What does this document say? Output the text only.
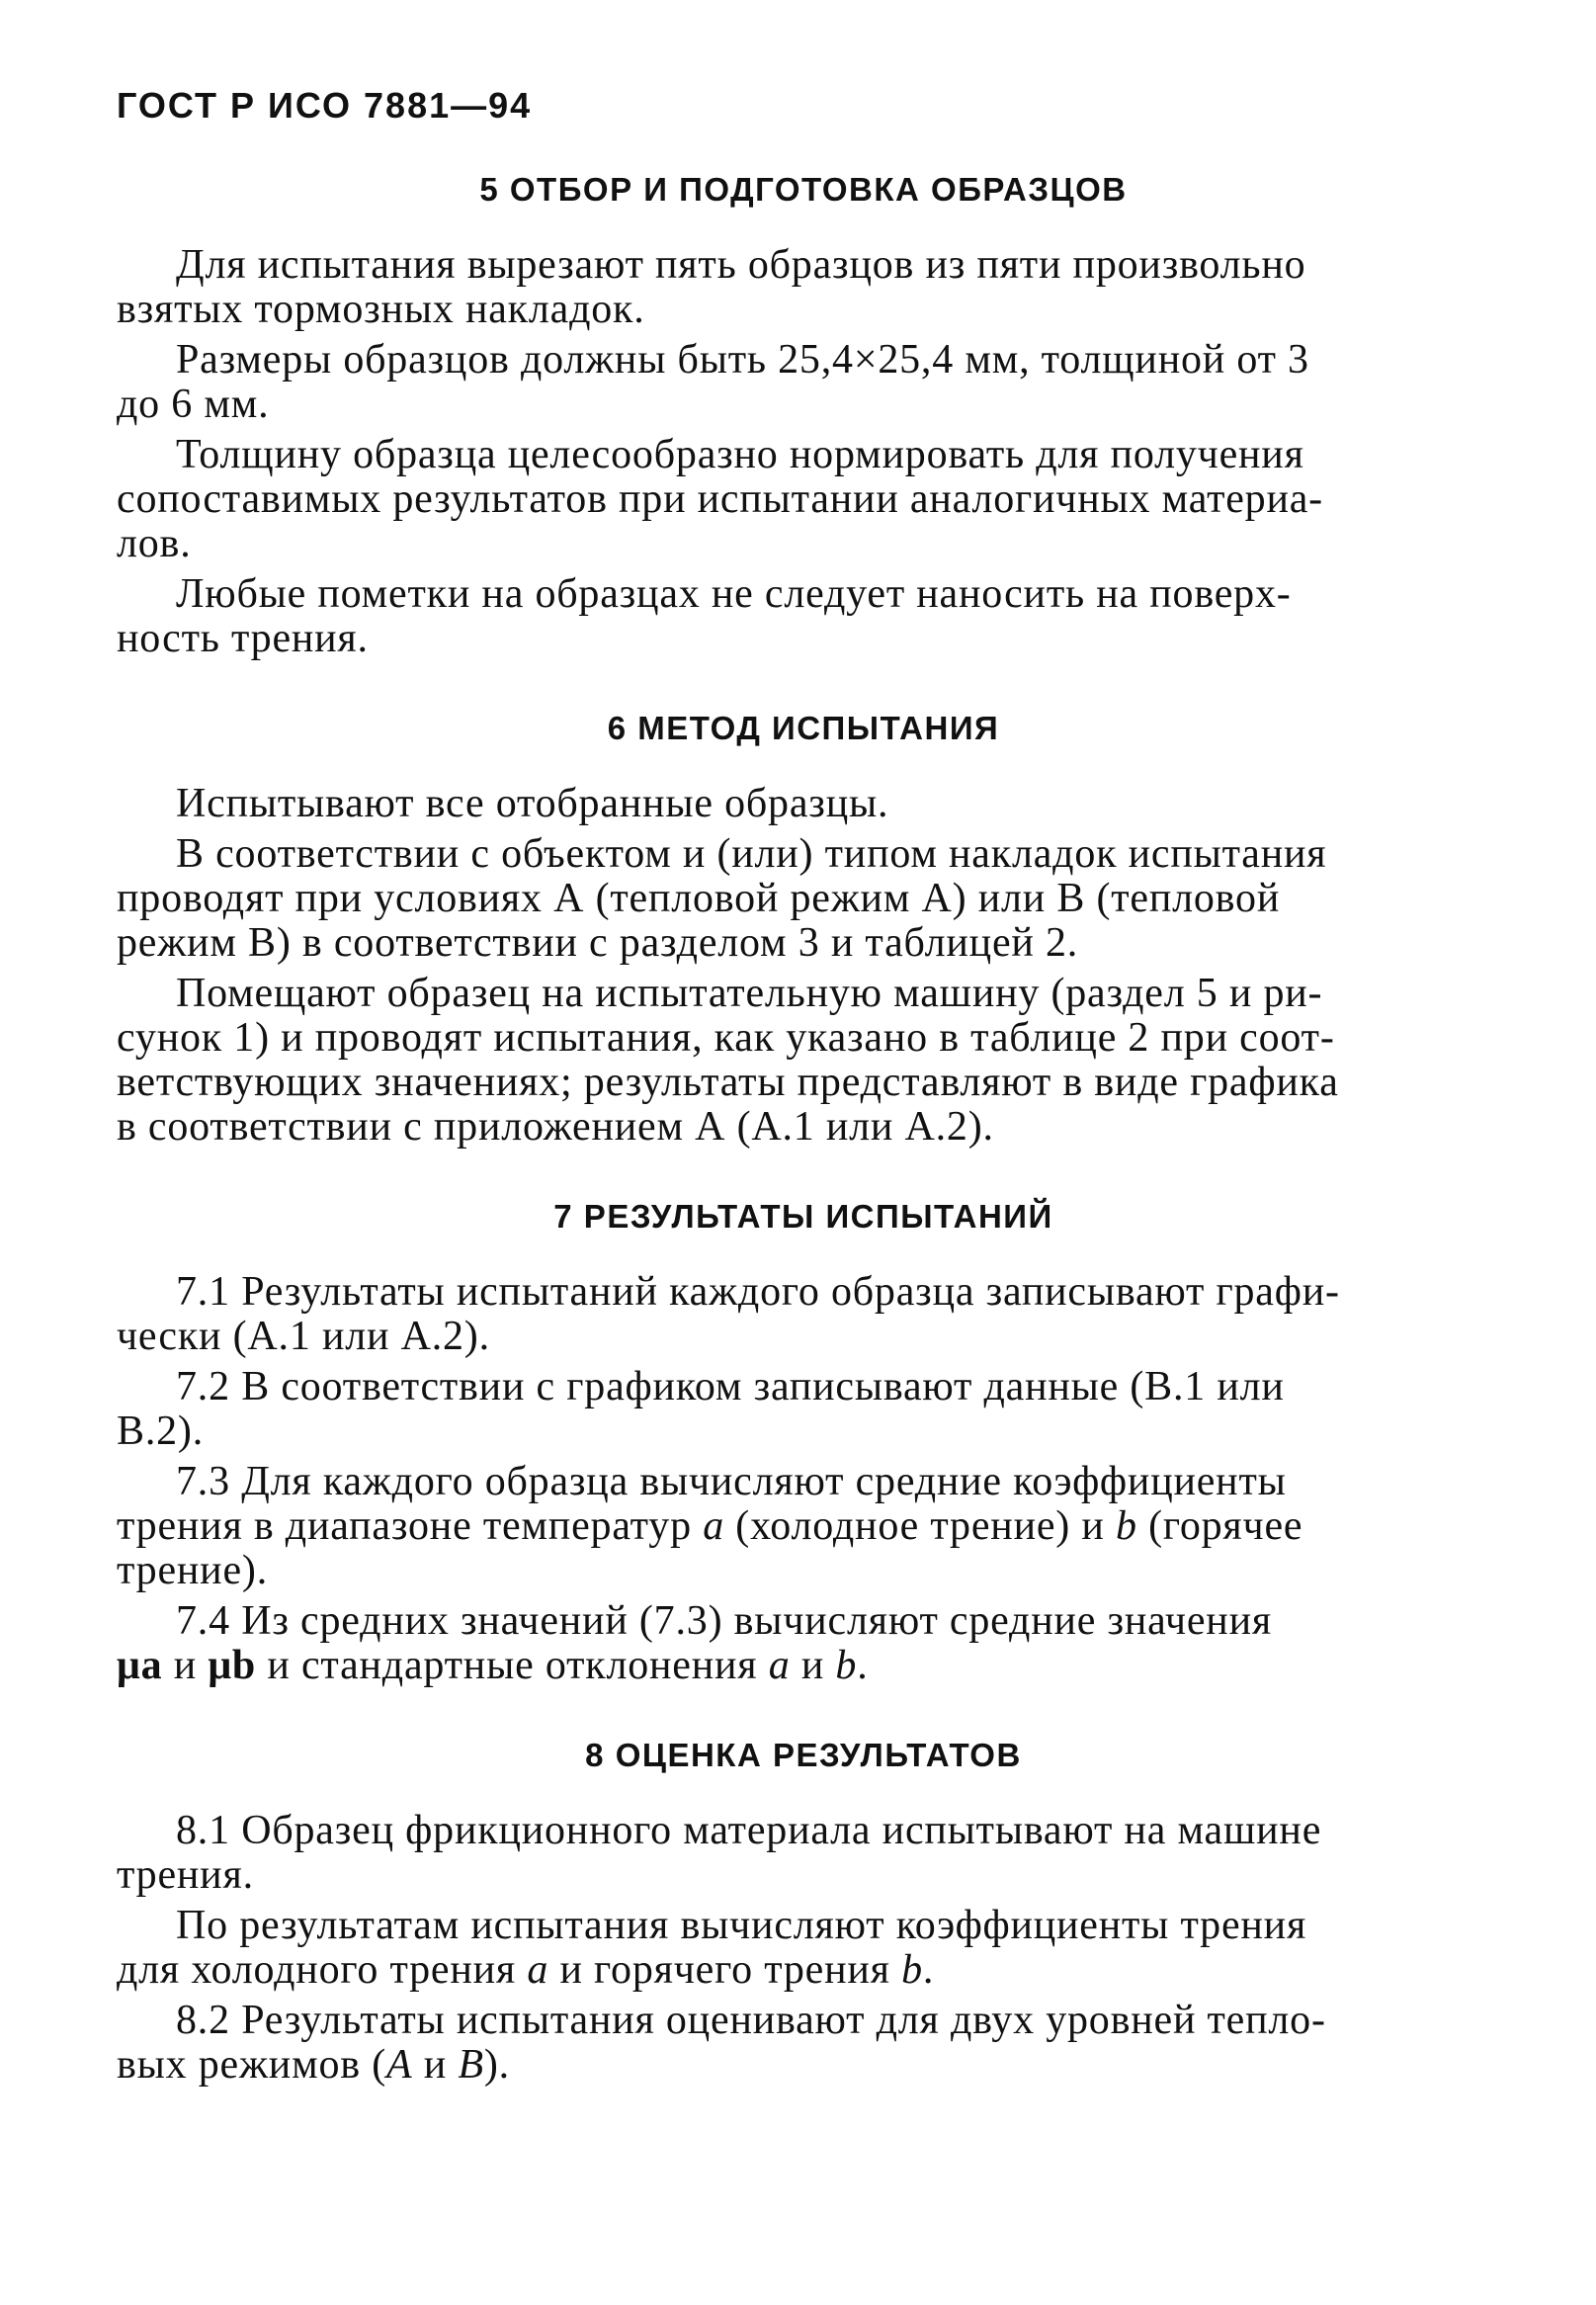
ГОСТ Р ИСО 7881—94
5 ОТБОР И ПОДГОТОВКА ОБРАЗЦОВ
Для испытания вырезают пять образцов из пяти произвольно
взятых тормозных накладок.
Размеры образцов должны быть 25,4×25,4 мм, толщиной от 3
до 6 мм.
Толщину образца целесообразно нормировать для получения
сопоставимых результатов при испытании аналогичных материа-
лов.
Любые пометки на образцах не следует наносить на поверх-
ность трения.
6 МЕТОД ИСПЫТАНИЯ
Испытывают все отобранные образцы.
В соответствии с объектом и (или) типом накладок испытания
проводят при условиях А (тепловой режим А) или В (тепловой
режим В) в соответствии с разделом 3 и таблицей 2.
Помещают образец на испытательную машину (раздел 5 и ри-
сунок 1) и проводят испытания, как указано в таблице 2 при соот-
ветствующих значениях; результаты представляют в виде графика
в соответствии с приложением А (А.1 или А.2).
7 РЕЗУЛЬТАТЫ ИСПЫТАНИЙ
7.1 Результаты испытаний каждого образца записывают графи-
чески (А.1 или А.2).
7.2 В соответствии с графиком записывают данные (В.1 или
В.2).
7.3 Для каждого образца вычисляют средние коэффициенты
трения в диапазоне температур a (холодное трение) и b (горячее
трение).
7.4 Из средних значений (7.3) вычисляют средние значения
μa и μb и стандартные отклонения a и b.
8 ОЦЕНКА РЕЗУЛЬТАТОВ
8.1 Образец фрикционного материала испытывают на машине
трения.
По результатам испытания вычисляют коэффициенты трения
для холодного трения a и горячего трения b.
8.2 Результаты испытания оценивают для двух уровней тепло-
вых режимов (А и В).
